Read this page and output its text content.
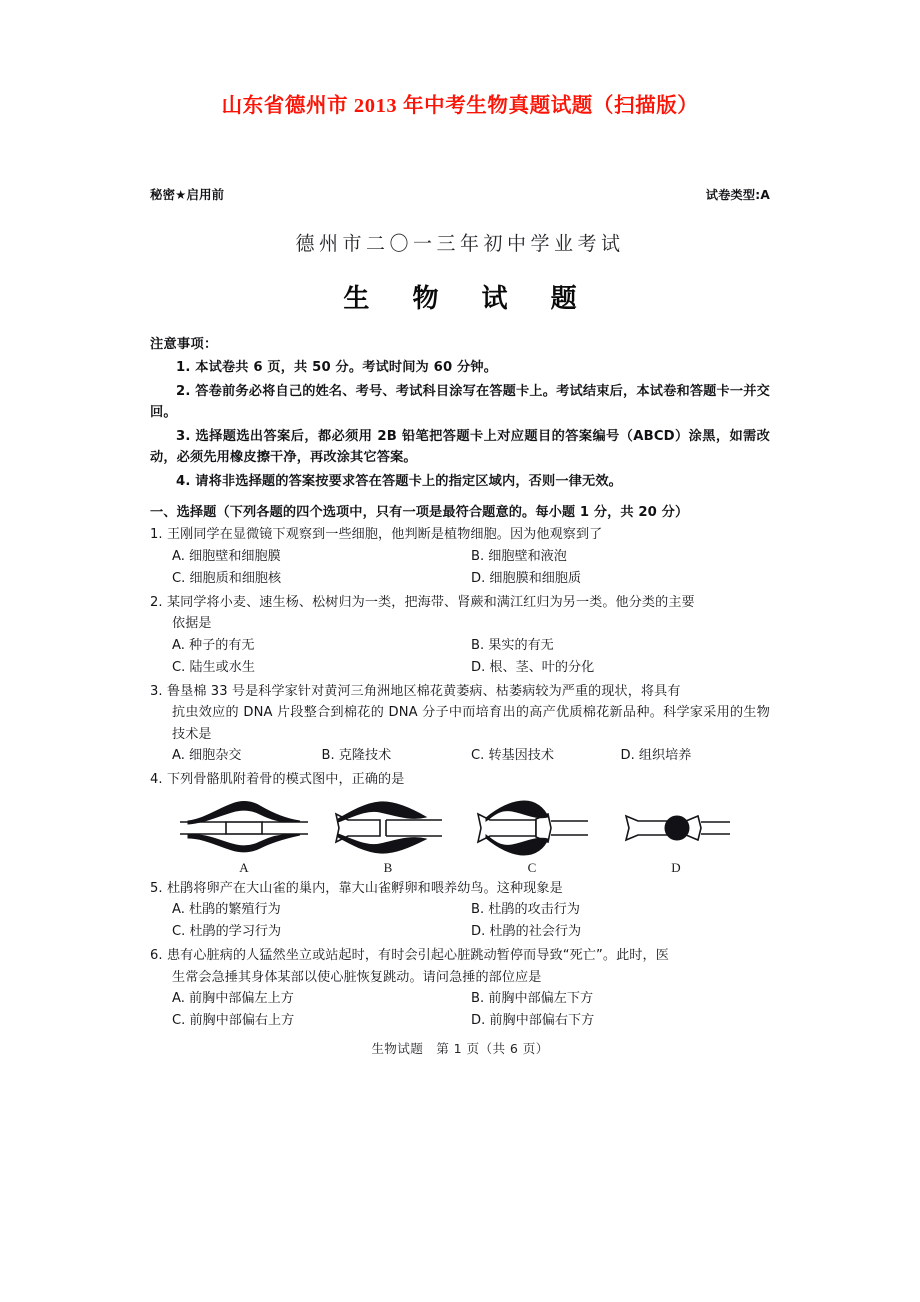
山东省德州市 2013 年中考生物真题试题（扫描版）
秘密★启用前	试卷类型:A
德州市二〇一三年初中学业考试
生 物 试 题
注意事项：
1. 本试卷共 6 页，共 50 分。考试时间为 60 分钟。
2. 答卷前务必将自己的姓名、考号、考试科目涂写在答题卡上。考试结束后，本试卷和答题卡一并交回。
3. 选择题选出答案后，都必须用 2B 铅笔把答题卡上对应题目的答案编号（ABCD）涂黑，如需改动，必须先用橡皮擦干净，再改涂其它答案。
4. 请将非选择题的答案按要求答在答题卡上的指定区域内，否则一律无效。
一、选择题（下列各题的四个选项中，只有一项是最符合题意的。每小题 1 分，共 20 分）
1. 王刚同学在显微镜下观察到一些细胞，他判断是植物细胞。因为他观察到了
A. 细胞壁和细胞膜	B. 细胞壁和液泡
C. 细胞质和细胞核	D. 细胞膜和细胞质
2. 某同学将小麦、速生杨、松树归为一类，把海带、肾蕨和满江红归为另一类。他分类的主要
依据是
A. 种子的有无	B. 果实的有无
C. 陆生或水生	D. 根、茎、叶的分化
3. 鲁垦棉 33 号是科学家针对黄河三角洲地区棉花黄萎病、枯萎病较为严重的现状，将具有
抗虫效应的 DNA 片段整合到棉花的 DNA 分子中而培育出的高产优质棉花新品种。科学家采用的生物技术是
A. 细胞杂交	B. 克隆技术	C. 转基因技术	D. 组织培养
4. 下列骨骼肌附着骨的模式图中，正确的是
A	B	C	D
5. 杜鹃将卵产在大山雀的巢内，靠大山雀孵卵和喂养幼鸟。这种现象是
A. 杜鹃的繁殖行为	B. 杜鹃的攻击行为
C. 杜鹃的学习行为	D. 杜鹃的社会行为
6. 患有心脏病的人猛然坐立或站起时，有时会引起心脏跳动暂停而导致“死亡”。此时，医
生常会急捶其身体某部以使心脏恢复跳动。请问急捶的部位应是
A. 前胸中部偏左上方	B. 前胸中部偏左下方
C. 前胸中部偏右上方	D. 前胸中部偏右下方
生物试题　第 1 页（共 6 页）
